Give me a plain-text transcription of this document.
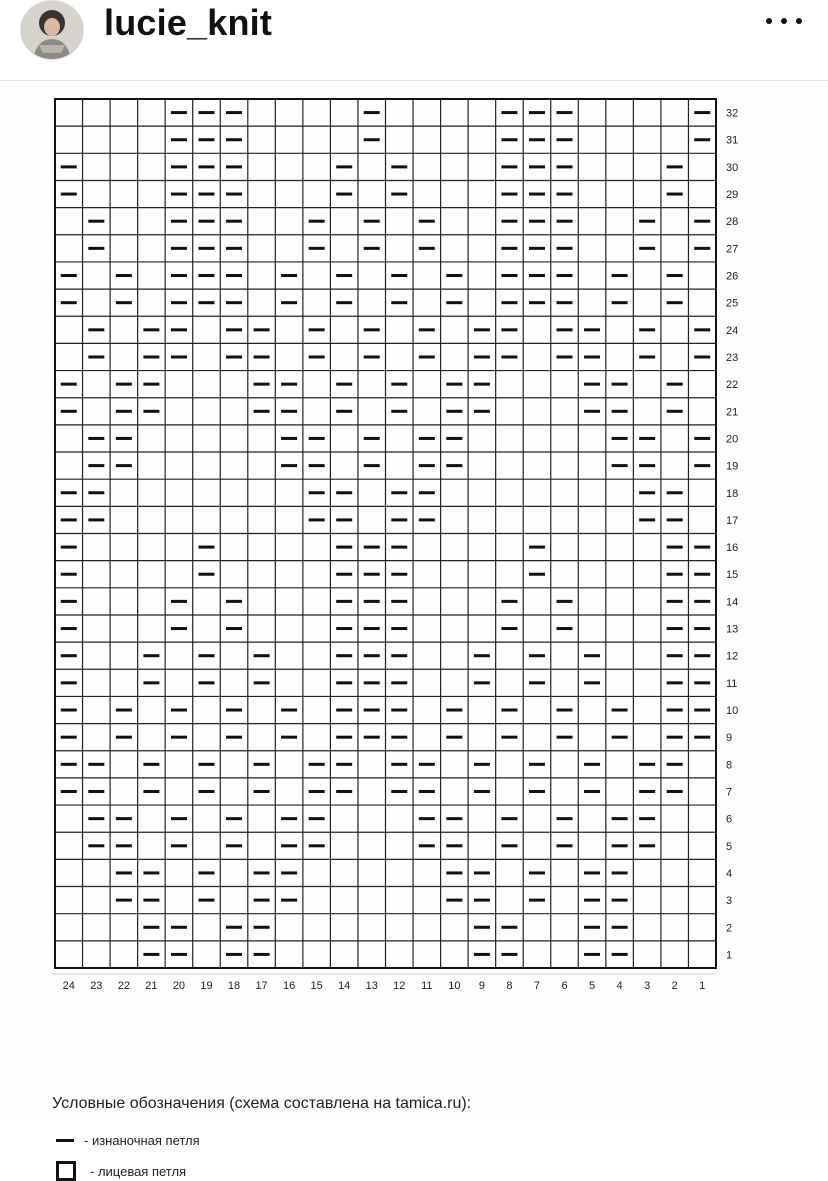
lucie_knit
32
31
30
29
28
27
26
25
24
23
22
21
20
19
18
17
16
15
14
13
12
11
10
9
8
7
6
5
4
3
2
1
24 23 22 21 20 19 18 17 16 15 14 13 12 11 10 9 8 7 6 5 4 3 2 1
Условные обозначения (схема составлена на tamica.ru):
- изнаночная петля
- лицевая петля
